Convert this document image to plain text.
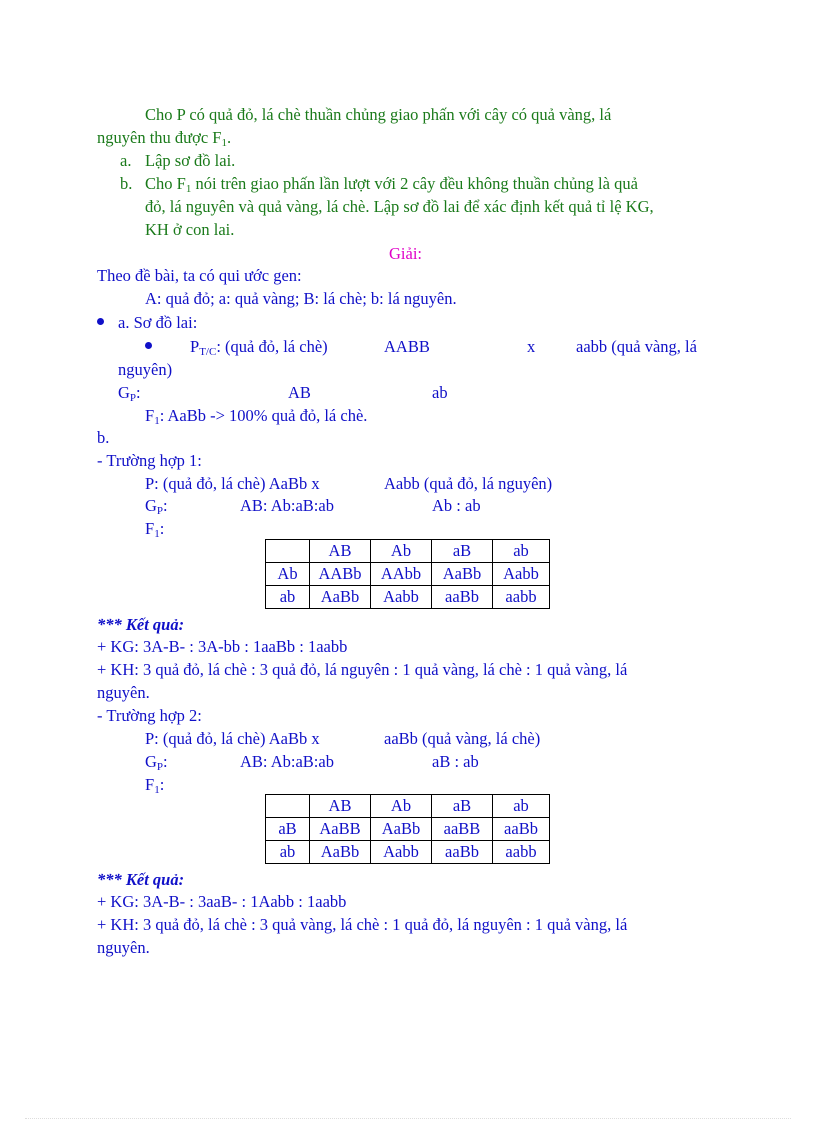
Cho P có quả đỏ, lá chè thuần chủng giao phấn với cây có quả vàng, lá
nguyên thu được $F_1$.
a. Lập sơ đồ lai.
b. Cho $F_1$ nói trên giao phấn lần lượt với 2 cây đều không thuần chủng là quả
đỏ, lá nguyên và quả vàng, lá chè. Lập sơ đồ lai để xác định kết quả tỉ lệ KG,
KH ở con lai.
Giải:
Theo đề bài, ta có qui ước gen:
A: quả đỏ; a: quả vàng; B: lá chè; b: lá nguyên.
a. Sơ đồ lai:
$P_{T/C}$: (quả đỏ, lá chè)	AABB	x aabb (quả vàng, lá
nguyên)
$G_P$:	AB	ab
$F_1$: AaBb -> 100% quả đỏ, lá chè.
b.
- Trường hợp 1:
P: (quả đỏ, lá chè) AaBb x	Aabb (quả đỏ, lá nguyên)
$G_P$:	AB: Ab:aB:ab	Ab : ab
$F_1$:
	AB	Ab	aB	ab
Ab	AABb	AAbb	AaBb	Aabb
ab	AaBb	Aabb	aaBb	aabb
*** Kết quả:
+ KG: 3A-B- : 3A-bb : 1aaBb : 1aabb
+ KH: 3 quả đỏ, lá chè : 3 quả đỏ, lá nguyên : 1 quả vàng, lá chè : 1 quả vàng, lá
nguyên.
- Trường hợp 2:
P: (quả đỏ, lá chè) AaBb x	aaBb (quả vàng, lá chè)
$G_P$:	AB: Ab:aB:ab	aB : ab
$F_1$:
	AB	Ab	aB	ab
aB	AaBB	AaBb	aaBB	aaBb
ab	AaBb	Aabb	aaBb	aabb
*** Kết quả:
+ KG: 3A-B- : 3aaB- : 1Aabb : 1aabb
+ KH: 3 quả đỏ, lá chè : 3 quả vàng, lá chè : 1 quả đỏ, lá nguyên : 1 quả vàng, lá
nguyên.
